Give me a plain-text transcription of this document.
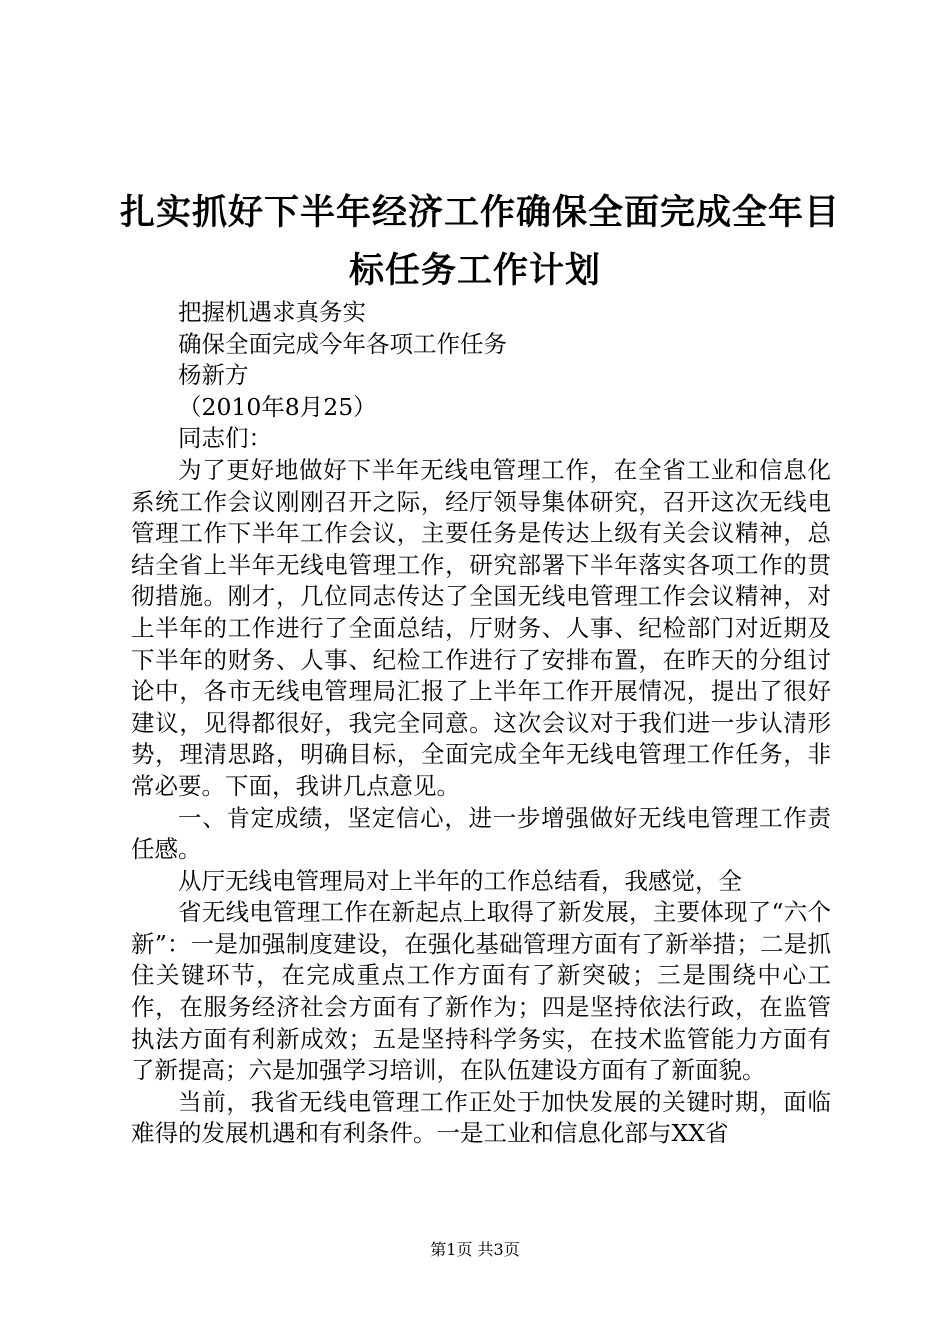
扎实抓好下半年经济工作确保全面完成全年目
标任务工作计划

把握机遇求真务实

确保全面完成今年各项工作任务

杨新方

（2010年8月25）

同志们：

为了更好地做好下半年无线电管理工作，在全省工业和信息化系统工作会议刚刚召开之际，经厅领导集体研究，召开这次无线电管理工作下半年工作会议，主要任务是传达上级有关会议精神，总结全省上半年无线电管理工作，研究部署下半年落实各项工作的贯彻措施。刚才，几位同志传达了全国无线电管理工作会议精神，对上半年的工作进行了全面总结，厅财务、人事、纪检部门对近期及下半年的财务、人事、纪检工作进行了安排布置，在昨天的分组讨论中，各市无线电管理局汇报了上半年工作开展情况，提出了很好建议，见得都很好，我完全同意。这次会议对于我们进一步认清形势，理清思路，明确目标，全面完成全年无线电管理工作任务，非常必要。下面，我讲几点意见。

一、肯定成绩，坚定信心，进一步增强做好无线电管理工作责任感。

从厅无线电管理局对上半年的工作总结看，我感觉，全

省无线电管理工作在新起点上取得了新发展，主要体现了“六个新”：一是加强制度建设，在强化基础管理方面有了新举措；二是抓住关键环节，在完成重点工作方面有了新突破；三是围绕中心工作，在服务经济社会方面有了新作为；四是坚持依法行政，在监管执法方面有利新成效；五是坚持科学务实，在技术监管能力方面有了新提高；六是加强学习培训，在队伍建设方面有了新面貌。

当前，我省无线电管理工作正处于加快发展的关键时期，面临难得的发展机遇和有利条件。一是工业和信息化部与XX省

第1页 共3页
